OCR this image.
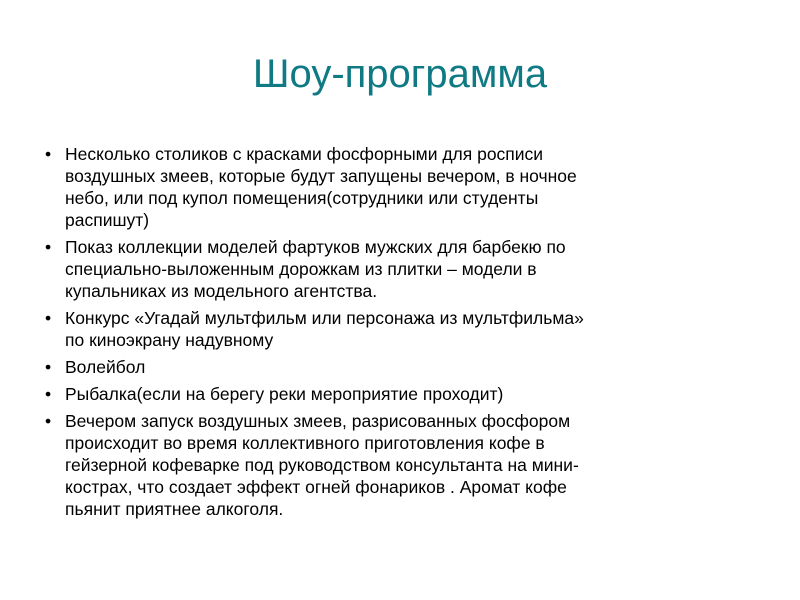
Шоу-программа
• Несколько столиков с красками фосфорными для росписи
воздушных змеев, которые будут запущены вечером, в ночное
небо, или под купол помещения(сотрудники или студенты
распишут)
• Показ коллекции моделей фартуков мужских для барбекю по
специально-выложенным дорожкам из плитки – модели в
купальниках из модельного агентства.
• Конкурс «Угадай мультфильм или персонажа из мультфильма»
по киноэкрану надувному
• Волейбол
• Рыбалка(если на берегу реки мероприятие проходит)
• Вечером запуск воздушных змеев, разрисованных фосфором
происходит во время коллективного приготовления кофе в
гейзерной кофеварке под руководством консультанта на мини-
кострах, что создает эффект огней фонариков . Аромат кофе
пьянит приятнее алкоголя.
